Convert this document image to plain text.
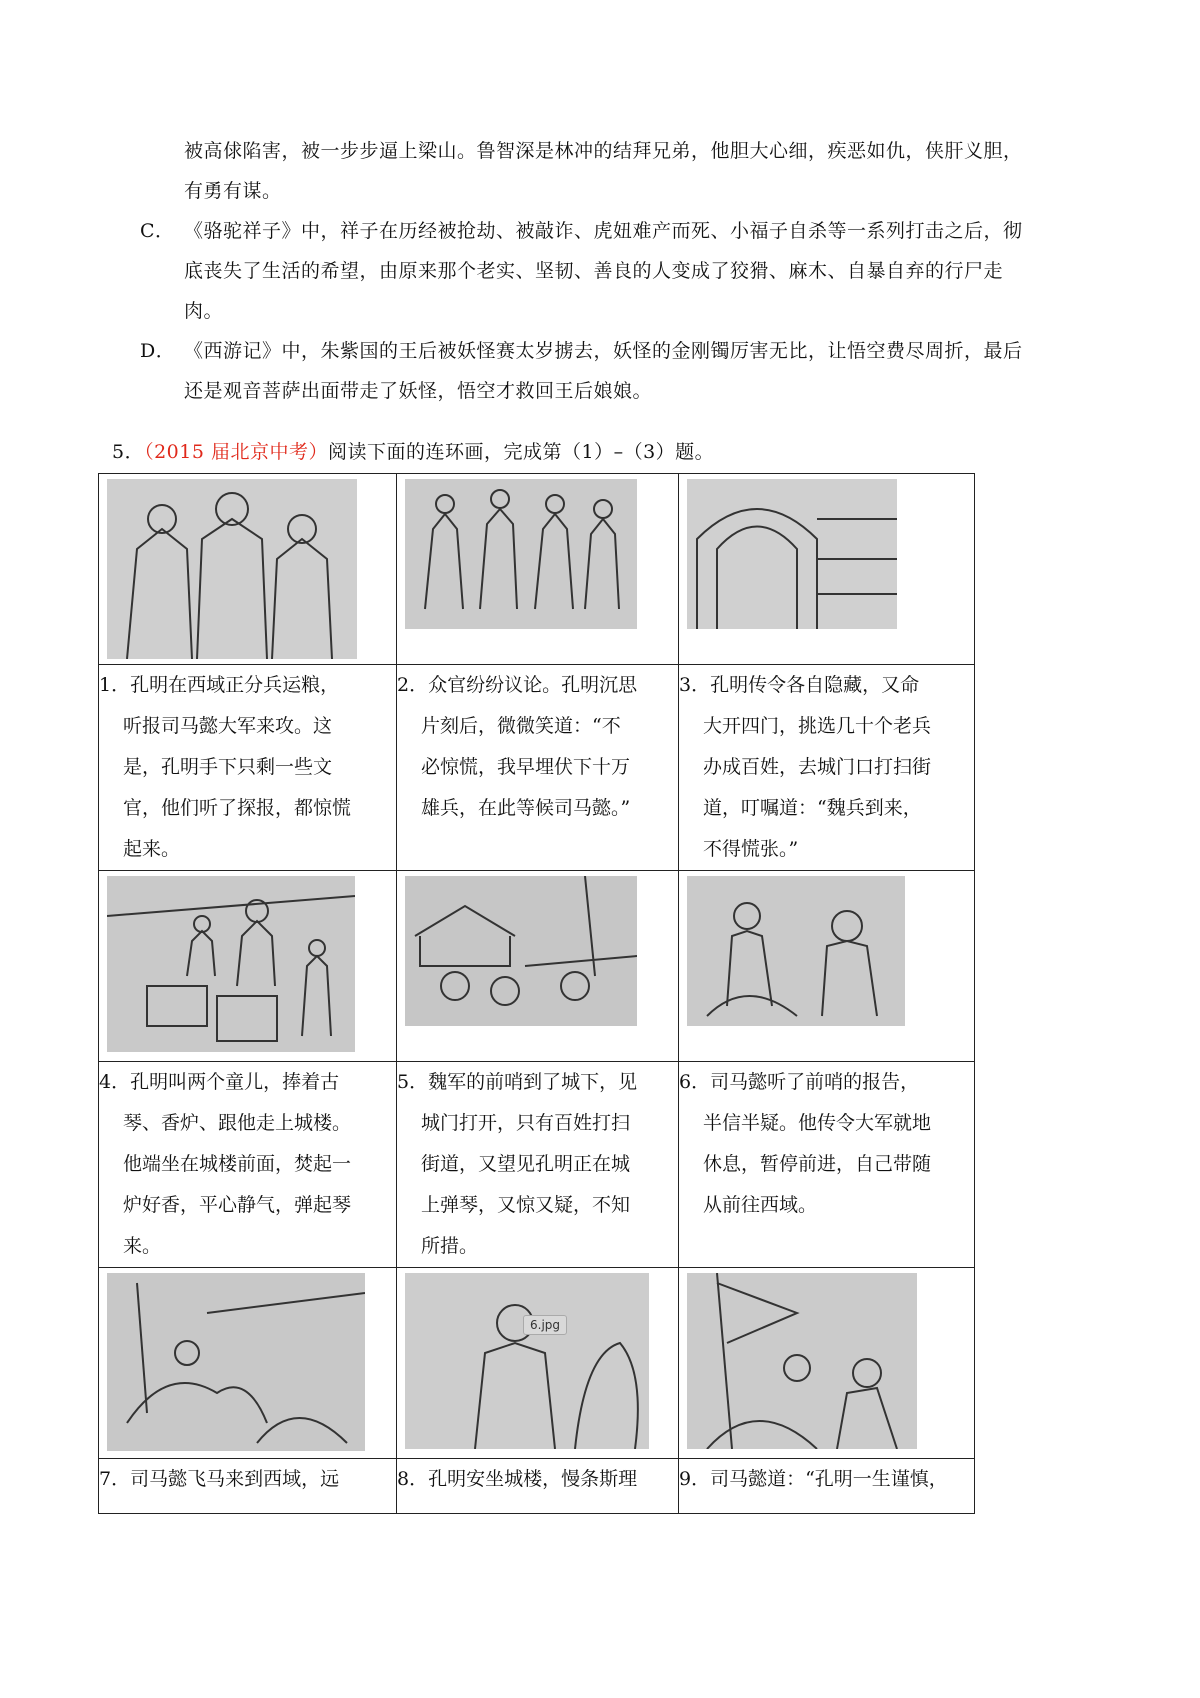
被高俅陷害，被一步步逼上梁山。鲁智深是林冲的结拜兄弟，他胆大心细，疾恶如仇，侠肝义胆，
有勇有谋。
C． 《骆驼祥子》中，祥子在历经被抢劫、被敲诈、虎妞难产而死、小福子自杀等一系列打击之后，彻
底丧失了生活的希望，由原来那个老实、坚韧、善良的人变成了狡猾、麻木、自暴自弃的行尸走
肉。
D． 《西游记》中，朱紫国的王后被妖怪赛太岁掳去，妖怪的金刚镯厉害无比，让悟空费尽周折，最后
还是观音菩萨出面带走了妖怪，悟空才救回王后娘娘。
5．（2015 届北京中考）阅读下面的连环画，完成第（1）–（3）题。

1．孔明在西域正分兵运粮，
听报司马懿大军来攻。这
是，孔明手下只剩一些文
官，他们听了探报，都惊慌
起来。	2．众官纷纷议论。孔明沉思
片刻后，微微笑道：“不
必惊慌，我早埋伏下十万
雄兵，在此等候司马懿。”	3．孔明传令各自隐藏，又命
大开四门，挑选几十个老兵
办成百姓，去城门口打扫街
道，叮嘱道：“魏兵到来，
不得慌张。”

4．孔明叫两个童儿，捧着古
琴、香炉、跟他走上城楼。
他端坐在城楼前面，焚起一
炉好香，平心静气，弹起琴
来。	5．魏军的前哨到了城下，见
城门打开，只有百姓打扫
街道，又望见孔明正在城
上弹琴，又惊又疑，不知
所措。	6．司马懿听了前哨的报告，
半信半疑。他传令大军就地
休息，暂停前进，自己带随
从前往西域。

6.jpg

7．司马懿飞马来到西域，远	8．孔明安坐城楼，慢条斯理	9．司马懿道：“孔明一生谨慎，
